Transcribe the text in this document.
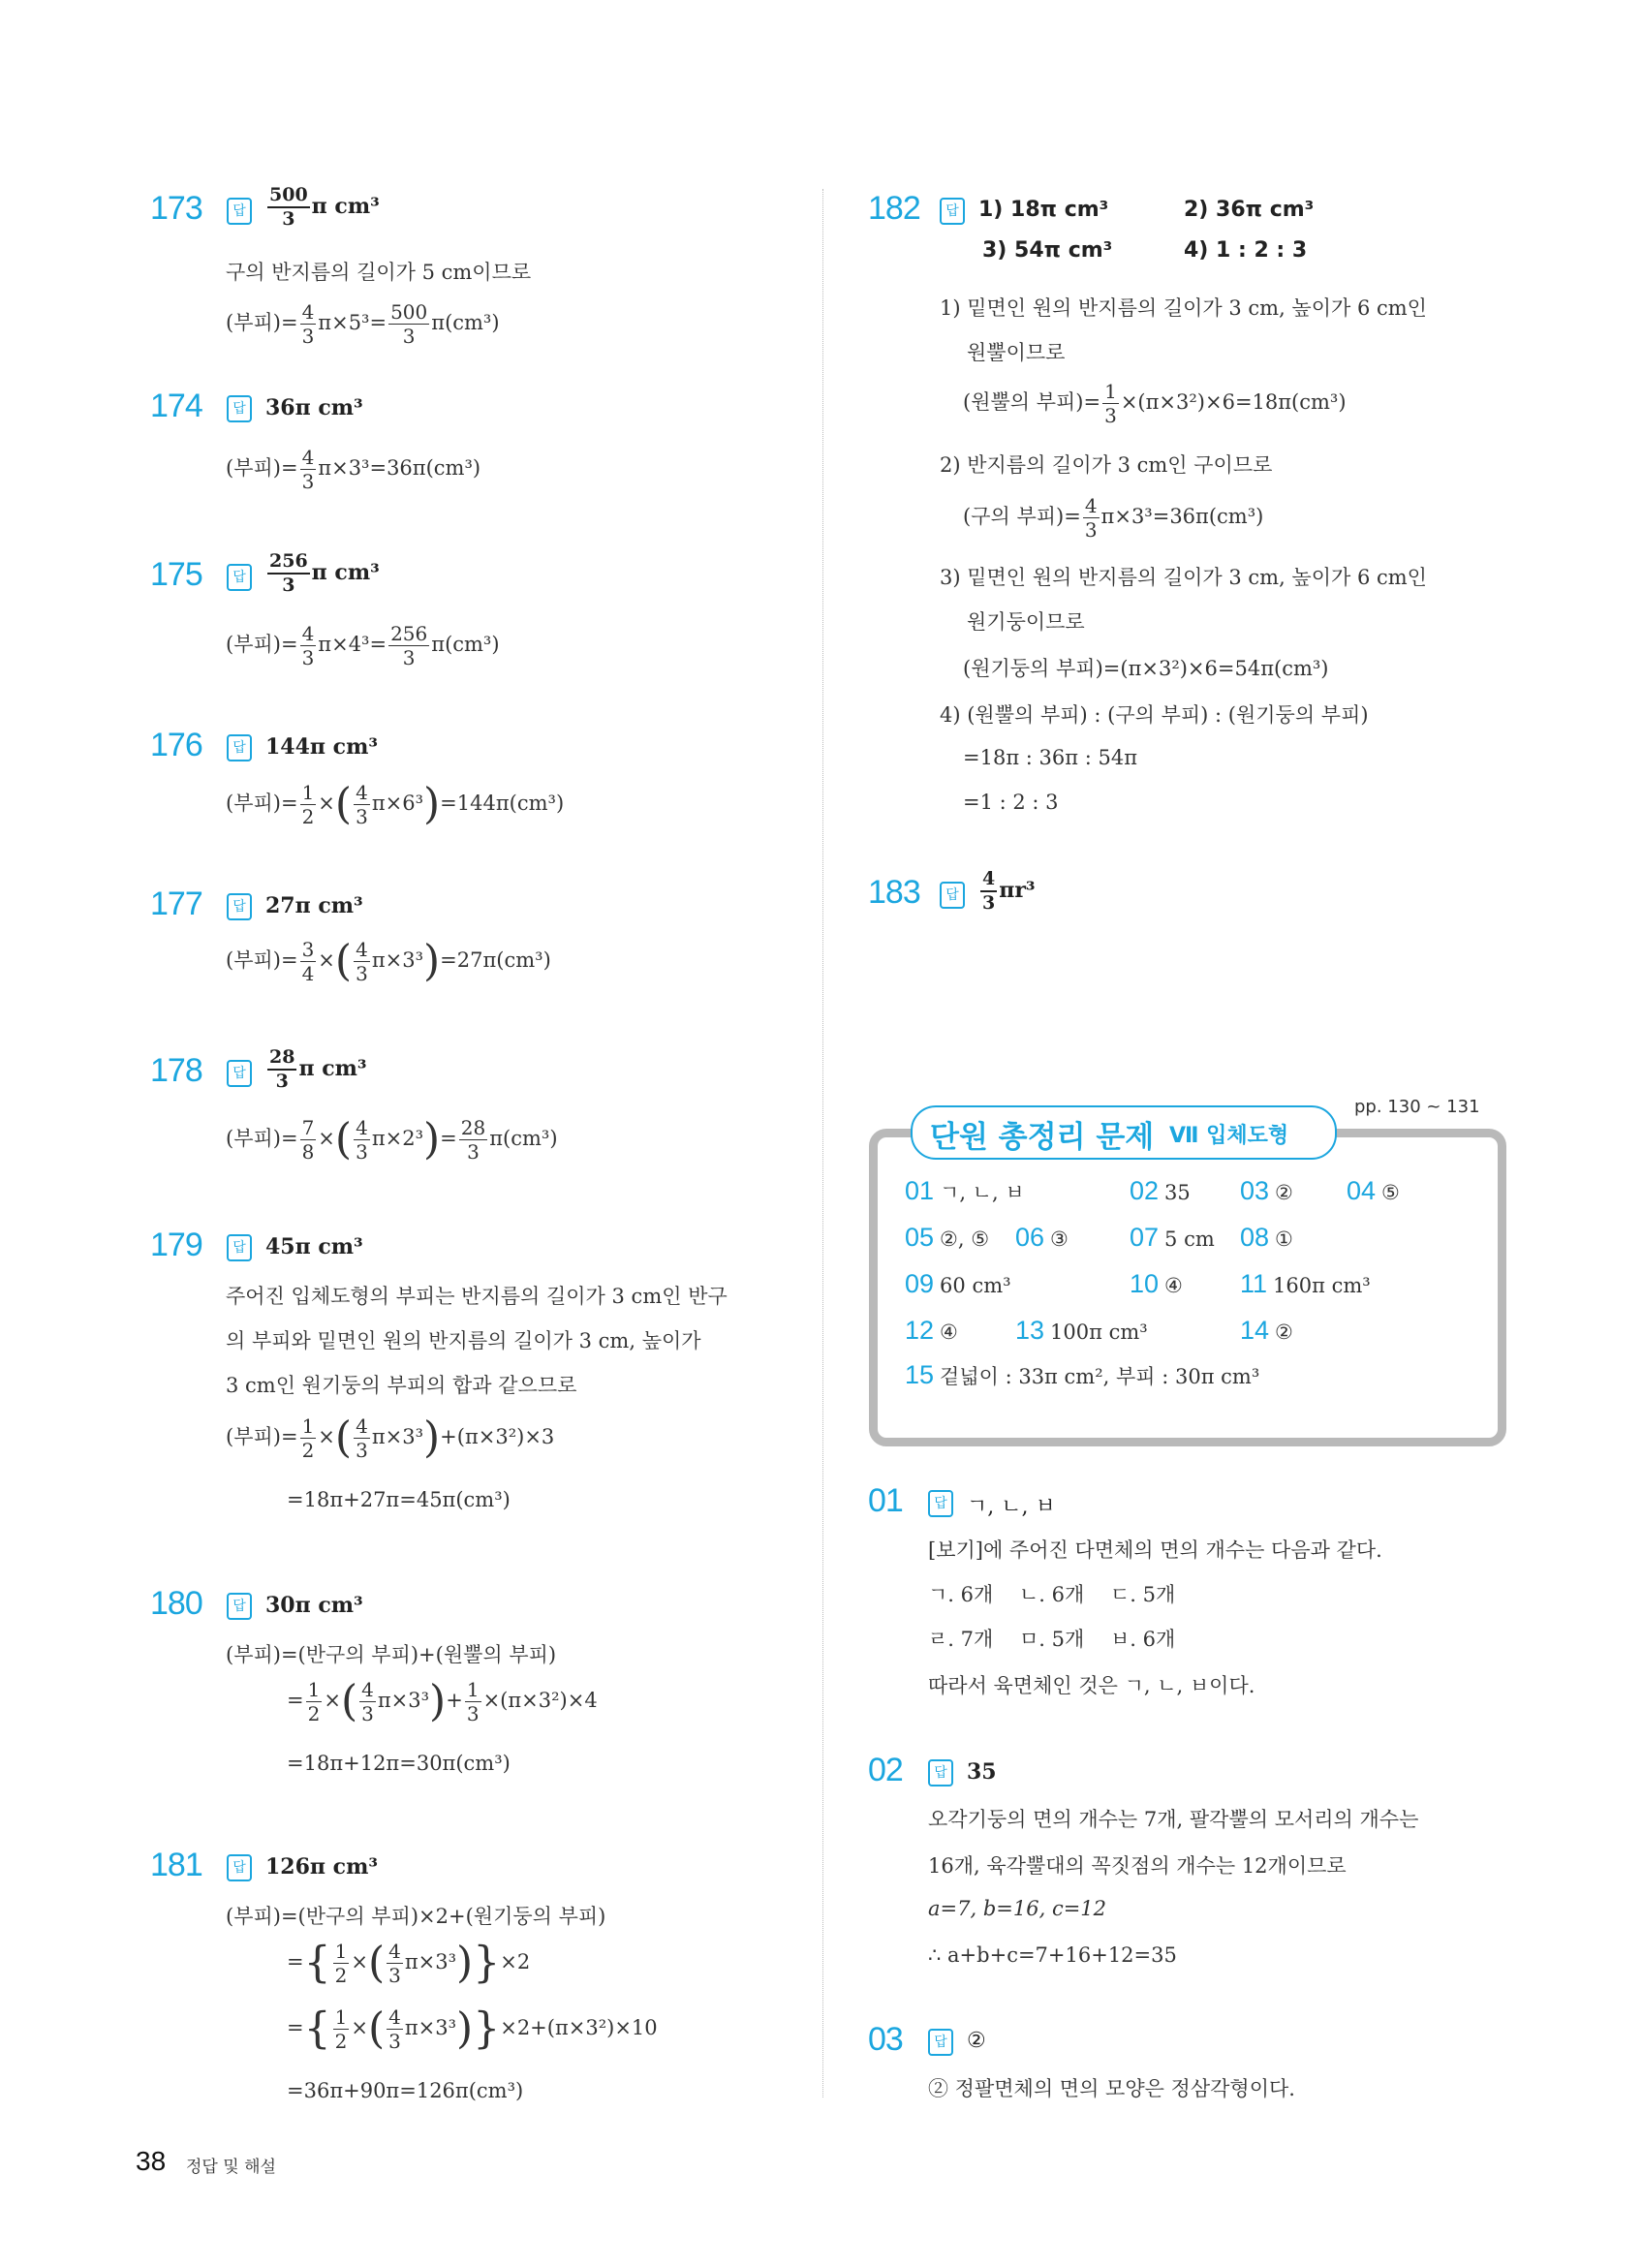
173	답	$\frac{500}{3}$ π cm³
구의 반지름의 길이가 5 cm이므로
(부피)= $\frac{4}{3} \pi\times 5^3= \frac{500}{3} \pi(cm^3)$
174	답 36π cm³
(부피)= $\frac{4}{3} \pi\times 3^3=36\pi(cm^3)$
175	답	$\frac{256}{3}$ π cm³
(부피)= $\frac{4}{3} \pi\times 4^3= \frac{256}{3} \pi(cm^3)$
176	답 144π cm³
(부피)= $\frac{1}{2}$ ×( $\frac{4}{3} \pi\times 6^3)=144\pi(cm^3)$
177	답 27π cm³
(부피)= $\frac{3}{4}$ ×( $\frac{4}{3} \pi\times 3^3)=27\pi(cm^3)$
178	답	$\frac{28}{3}$ π cm³
(부피)= $\frac{7}{8}$ ×( $\frac{4}{3} \pi\times 2^3)= \frac{28}{3} \pi(cm^3)$
179	답 45π cm³
주어진 입체도형의 부피는 반지름의 길이가 3 cm인 반구
의 부피와 밑면인 원의 반지름의 길이가 3 cm, 높이가
3 cm인 원기둥의 부피의 합과 같으므로
(부피)= $\frac{1}{2}$ ×( $\frac{4}{3} \pi\times 3^3)+(\pi\times 3^2)\times 3$
=18π+27π=45π(cm³)
180	답 30π cm³
(부피)=(반구의 부피)+(원뿔의 부피)
= $\frac{1}{2}$ ×( $\frac{4}{3} \pi\times 3^3)+ \frac{1}{3} \times(\pi\times 3^2)\times 4$
=18π+12π=30π(cm³)
181	답 126π cm³
(부피)=(반구의 부피)×2+(원기둥의 부피)
={ $\frac{1}{2}$ ×( $\frac{4}{3} \pi\times 3^3)\}\times 2$
={ $\frac{1}{2}$ ×( $\frac{4}{3} \pi\times 3^3)\}\times 2+(\pi\times 3^2)\times 10$
=36π+90π=126π(cm³)
182	답 1) 18π cm³	2) 36π cm³
3) 54π cm³	4) 1 : 2 : 3
1) 밑면인 원의 반지름의 길이가 3 cm, 높이가 6 cm인
원뿔이므로
(원뿔의 부피)= $\frac{1}{3} \times(\pi\times 3^2)\times 6=18\pi(cm^3)$
2) 반지름의 길이가 3 cm인 구이므로
(구의 부피)= $\frac{4}{3} \pi\times 3^3=36\pi(cm^3)$
3) 밑면인 원의 반지름의 길이가 3 cm, 높이가 6 cm인
원기둥이므로
(원기둥의 부피)=(π×3²)×6=54π(cm³)
4) (원뿔의 부피) : (구의 부피) : (원기둥의 부피)
=18π : 36π : 54π
=1 : 2 : 3
183	답	$\frac{4}{3} \pi r^3$
단원 총정리 문제 Ⅶ 입체도형
pp. 130 ~ 131
01 ㄱ, ㄴ, ㅂ	02 35 03 ② 04 ⑤
05 ②, ⑤ 06 ③ 07 5 cm 08 ①
09 60 cm³	10 ④ 11 160π cm³
12 ④ 13 100π cm³	14 ②
15 겉넓이 : 33π cm², 부피 : 30π cm³
01	답 ㄱ, ㄴ, ㅂ
[보기]에 주어진 다면체의 면의 개수는 다음과 같다.
ㄱ. 6개    ㄴ. 6개    ㄷ. 5개
ㄹ. 7개    ㅁ. 5개    ㅂ. 6개
따라서 육면체인 것은 ㄱ, ㄴ, ㅂ이다.
02	답 35
오각기둥의 면의 개수는 7개, 팔각뿔의 모서리의 개수는
16개, 육각뿔대의 꼭짓점의 개수는 12개이므로
a=7, b=16, c=12
∴ a+b+c=7+16+12=35
03	답 ②
② 정팔면체의 면의 모양은 정삼각형이다.
38 정답 및 해설
